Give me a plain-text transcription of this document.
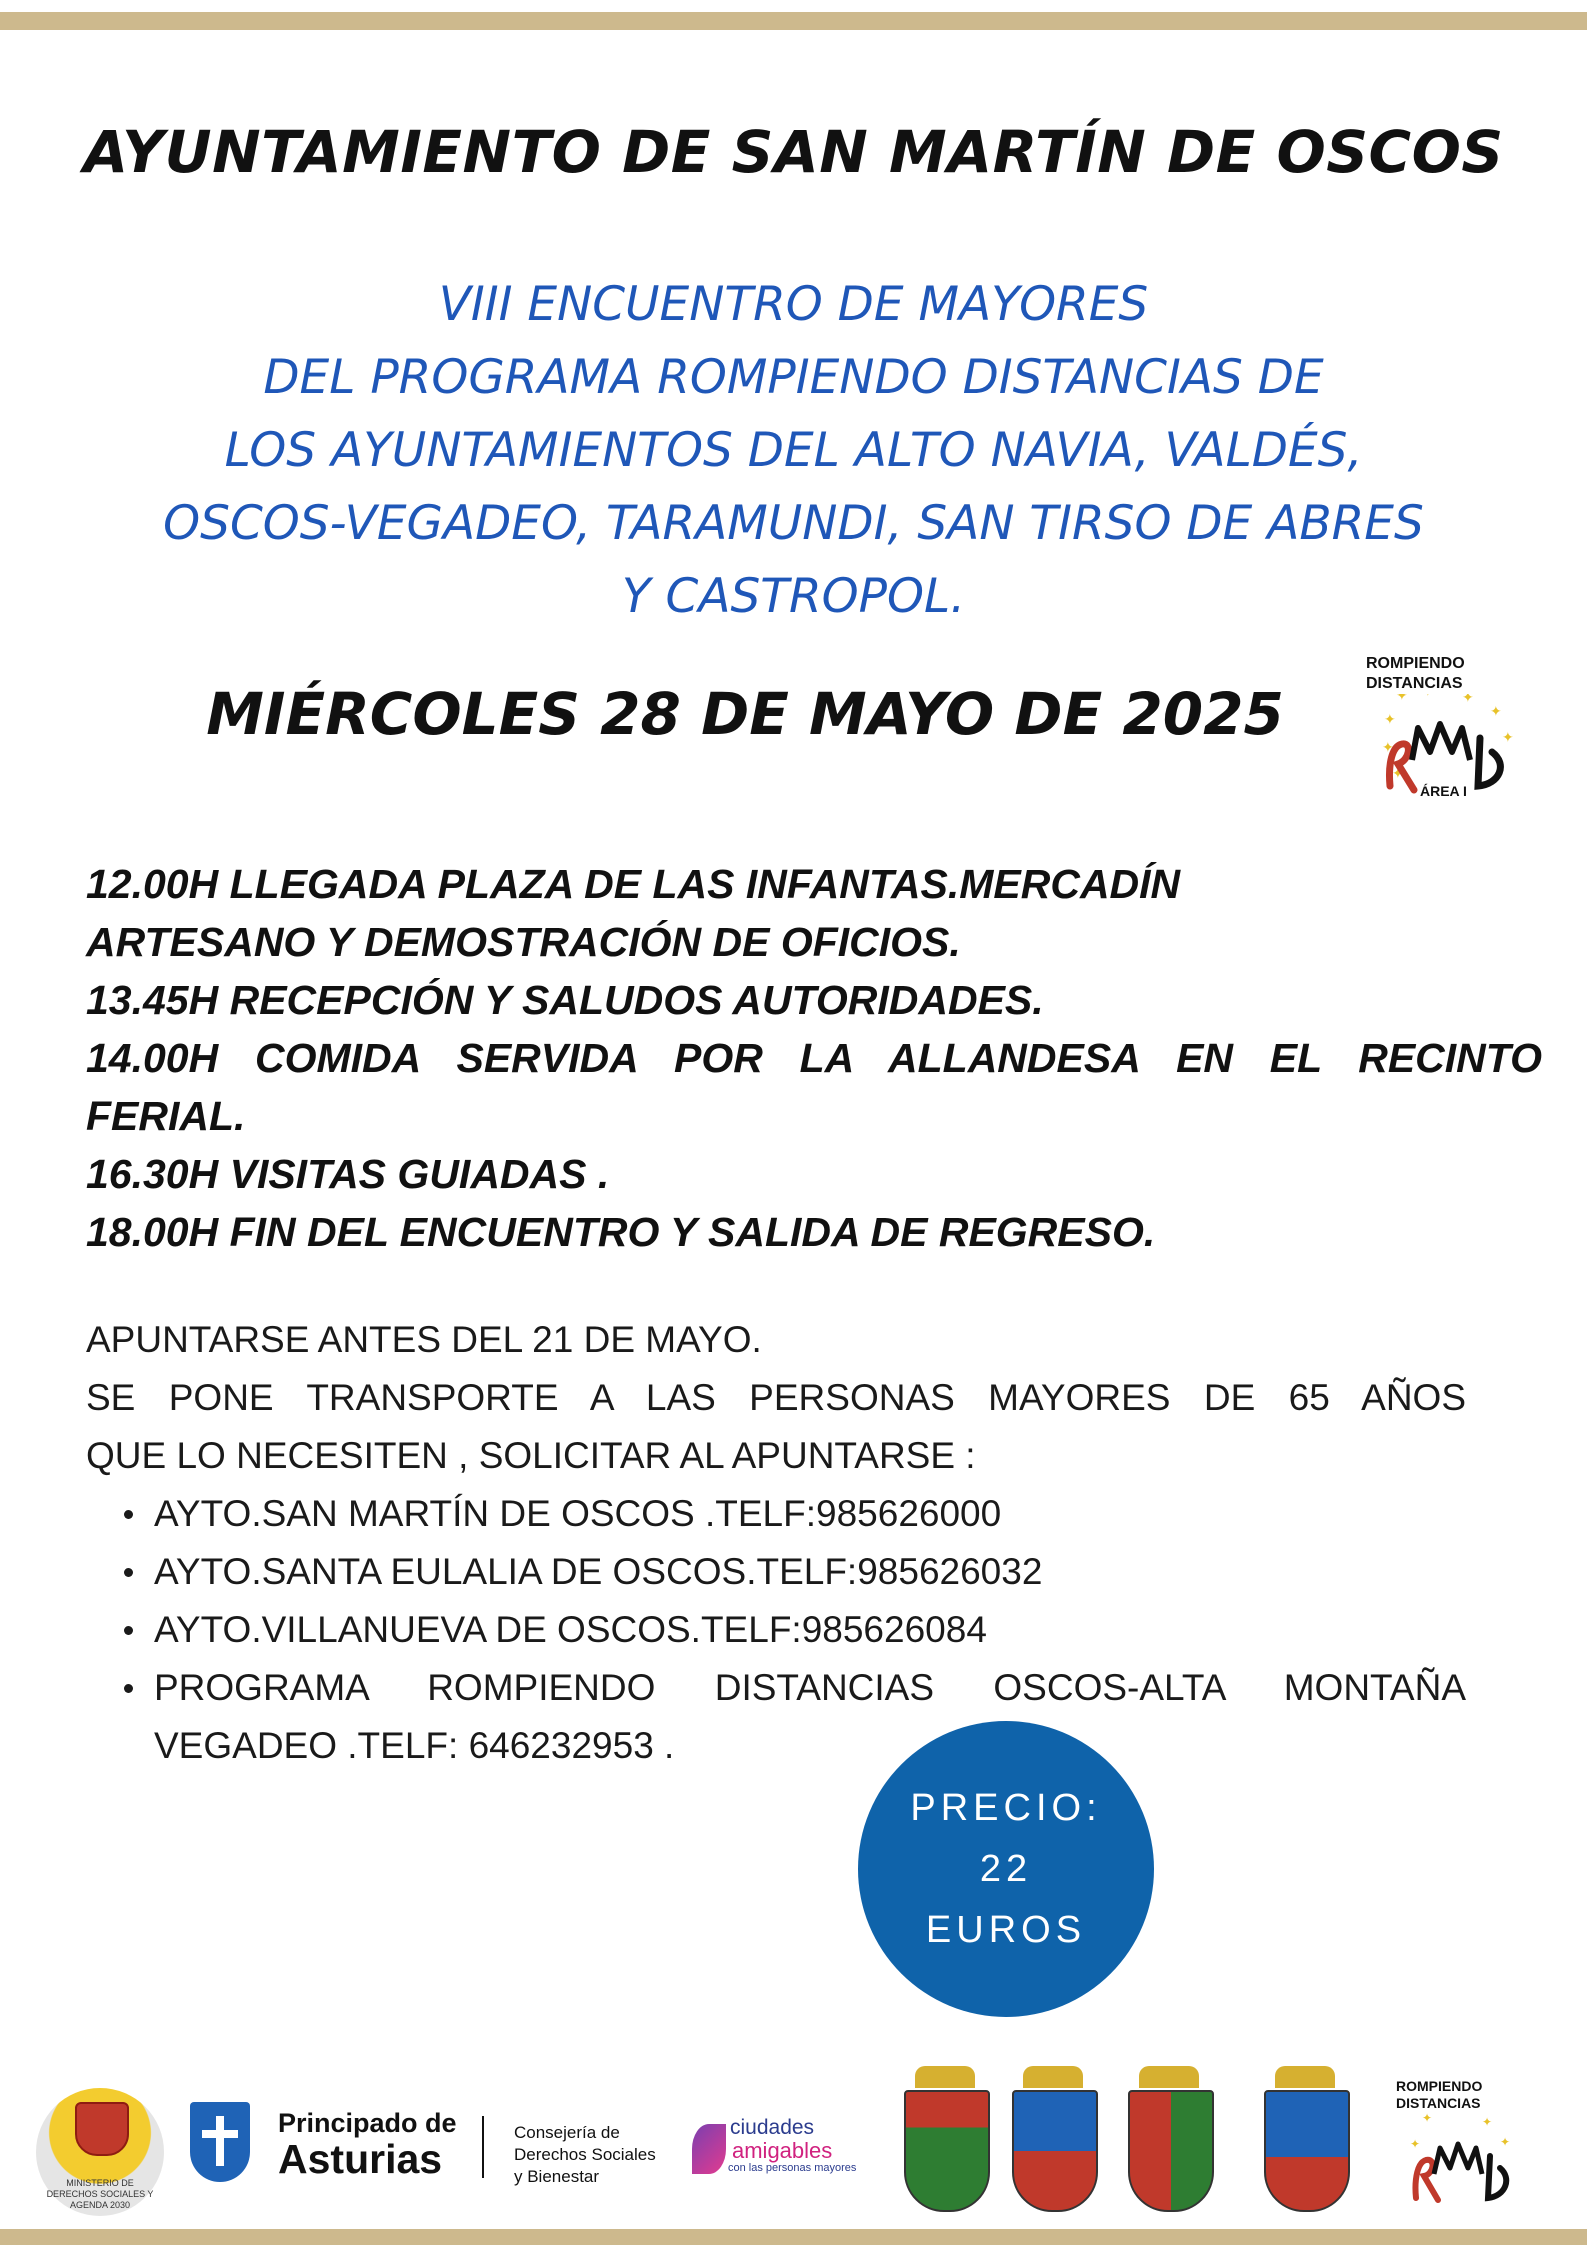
AYUNTAMIENTO DE SAN MARTÍN DE OSCOS
VIII ENCUENTRO DE MAYORES
DEL PROGRAMA ROMPIENDO DISTANCIAS DE
LOS AYUNTAMIENTOS DEL ALTO NAVIA, VALDÉS,
OSCOS-VEGADEO, TARAMUNDI, SAN TIRSO DE ABRES
Y CASTROPOL.
MIÉRCOLES 28 DE MAYO DE 2025
ROMPIENDO
DISTANCIAS
✦	✦
✦
✦
✦
✦
✦
ÁREA I
12.00H LLEGADA PLAZA DE LAS INFANTAS.MERCADÍN
ARTESANO Y DEMOSTRACIÓN DE OFICIOS.
13.45H RECEPCIÓN Y SALUDOS AUTORIDADES.
14.00H COMIDA SERVIDA POR LA ALLANDESA EN EL RECINTO
FERIAL.
16.30H VISITAS GUIADAS .
18.00H FIN DEL ENCUENTRO Y SALIDA DE REGRESO.
APUNTARSE ANTES DEL 21 DE MAYO.
SE PONE TRANSPORTE A LAS PERSONAS MAYORES DE 65 AÑOS
QUE LO NECESITEN , SOLICITAR AL APUNTARSE :
AYTO.SAN MARTÍN DE OSCOS .TELF:985626000
AYTO.SANTA EULALIA DE OSCOS.TELF:985626032
AYTO.VILLANUEVA DE OSCOS.TELF:985626084
PROGRAMA ROMPIENDO DISTANCIAS OSCOS-ALTA MONTAÑA
VEGADEO .TELF: 646232953 .
PRECIO:
22
EUROS
MINISTERIO DE DERECHOS SOCIALES Y AGENDA 2030
Principado de
Asturias
Consejería de
Derechos Sociales
y Bienestar
ciudades
amigables
con las personas mayores
ROMPIENDO
DISTANCIAS
✦	✦
✦
✦
